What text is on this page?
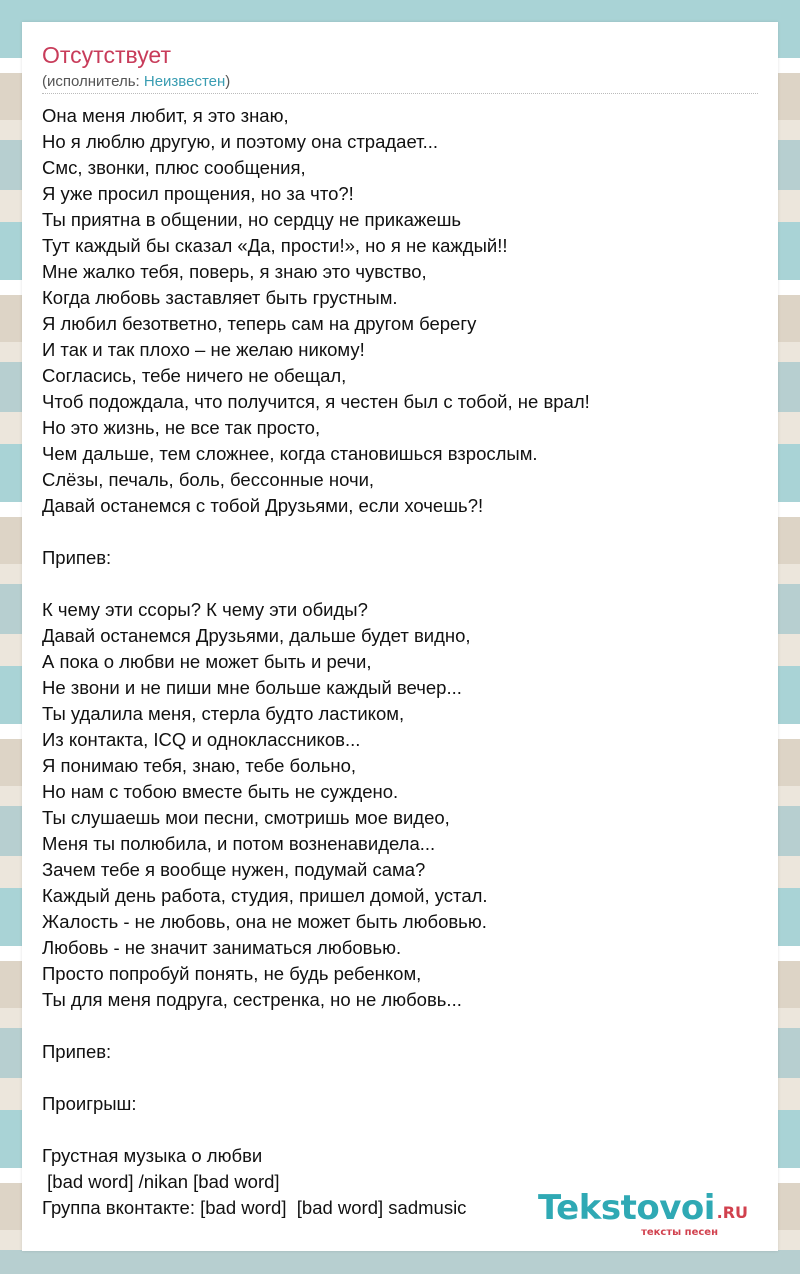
Отсутствует
(исполнитель: Неизвестен)
Она меня любит, я это знаю,
Но я люблю другую, и поэтому она страдает...
Смс, звонки, плюс сообщения,
Я уже просил прощения, но за что?!
Ты приятна в общении, но сердцу не прикажешь
Тут каждый бы сказал «Да, прости!», но я не каждый!!
Мне жалко тебя, поверь, я знаю это чувство,
Когда любовь заставляет быть грустным.
Я любил безответно, теперь сам на другом берегу
И так и так плохо – не желаю никому!
Согласись, тебе ничего не обещал,
Чтоб подождала, что получится, я честен был с тобой, не врал!
Но это жизнь, не все так просто,
Чем дальше, тем сложнее, когда становишься взрослым.
Слёзы, печаль, боль, бессонные ночи,
Давай останемся с тобой Друзьями, если хочешь?!
Припев:
К чему эти ссоры? К чему эти обиды?
Давай останемся Друзьями, дальше будет видно,
А пока о любви не может быть и речи,
Не звони и не пиши мне больше каждый вечер...
Ты удалила меня, стерла будто ластиком,
Из контакта, ICQ и одноклассников...
Я понимаю тебя, знаю, тебе больно,
Но нам с тобою вместе быть не суждено.
Ты слушаешь мои песни, смотришь мое видео,
Меня ты полюбила, и потом возненавидела...
Зачем тебе я вообще нужен, подумай сама?
Каждый день работа, студия, пришел домой, устал.
Жалость - не любовь, она не может быть любовью.
Любовь - не значит заниматься любовью.
Просто попробуй понять, не будь ребенком,
Ты для меня подруга, сестренка, но не любовь...
Припев:
Проигрыш:
Грустная музыка о любви
[bad word] /nikan [bad word]
Группа вконтакте: [bad word]  [bad word] sadmusic	Tekstovoi .RU
тексты песен
